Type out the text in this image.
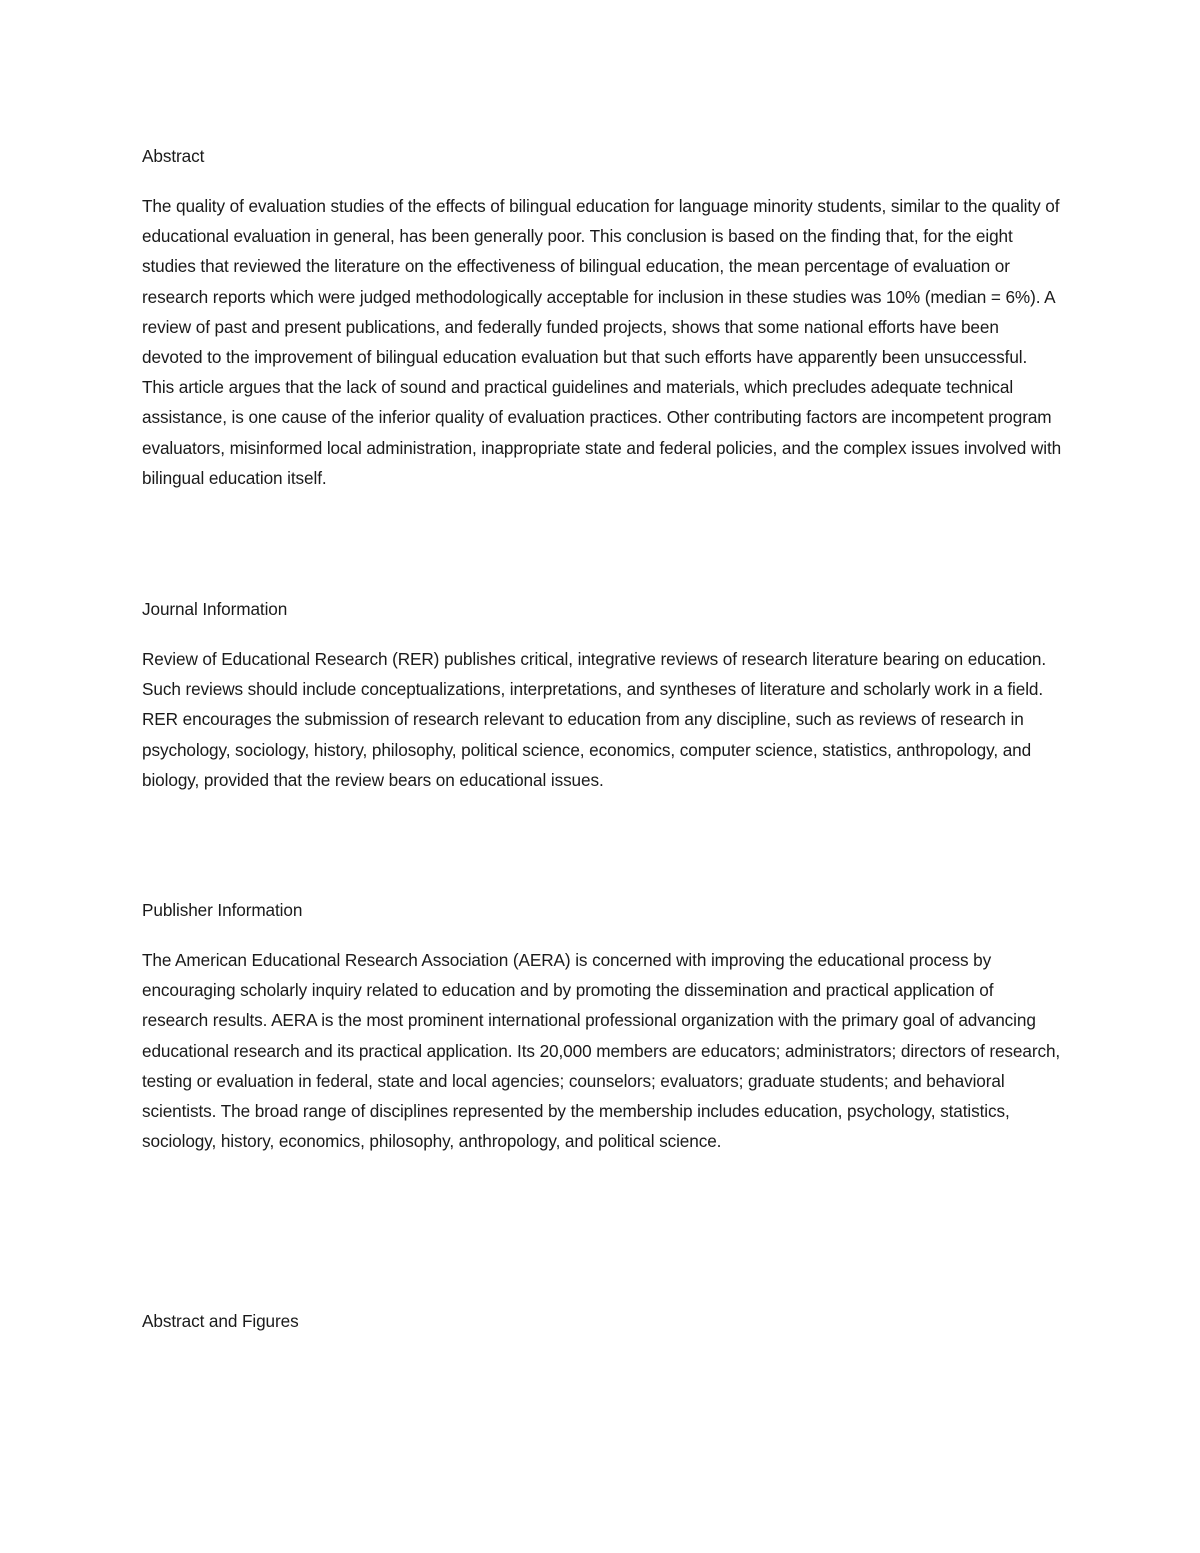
Abstract

The quality of evaluation studies of the effects of bilingual education for language minority students, similar to the quality of educational evaluation in general, has been generally poor. This conclusion is based on the finding that, for the eight studies that reviewed the literature on the effectiveness of bilingual education, the mean percentage of evaluation or research reports which were judged methodologically acceptable for inclusion in these studies was 10% (median = 6%). A review of past and present publications, and federally funded projects, shows that some national efforts have been devoted to the improvement of bilingual education evaluation but that such efforts have apparently been unsuccessful. This article argues that the lack of sound and practical guidelines and materials, which precludes adequate technical assistance, is one cause of the inferior quality of evaluation practices. Other contributing factors are incompetent program evaluators, misinformed local administration, inappropriate state and federal policies, and the complex issues involved with bilingual education itself.

Journal Information

Review of Educational Research (RER) publishes critical, integrative reviews of research literature bearing on education. Such reviews should include conceptualizations, interpretations, and syntheses of literature and scholarly work in a field. RER encourages the submission of research relevant to education from any discipline, such as reviews of research in psychology, sociology, history, philosophy, political science, economics, computer science, statistics, anthropology, and biology, provided that the review bears on educational issues.

Publisher Information

The American Educational Research Association (AERA) is concerned with improving the educational process by encouraging scholarly inquiry related to education and by promoting the dissemination and practical application of research results. AERA is the most prominent international professional organization with the primary goal of advancing educational research and its practical application. Its 20,000 members are educators; administrators; directors of research, testing or evaluation in federal, state and local agencies; counselors; evaluators; graduate students; and behavioral scientists. The broad range of disciplines represented by the membership includes education, psychology, statistics, sociology, history, economics, philosophy, anthropology, and political science.

Abstract and Figures
